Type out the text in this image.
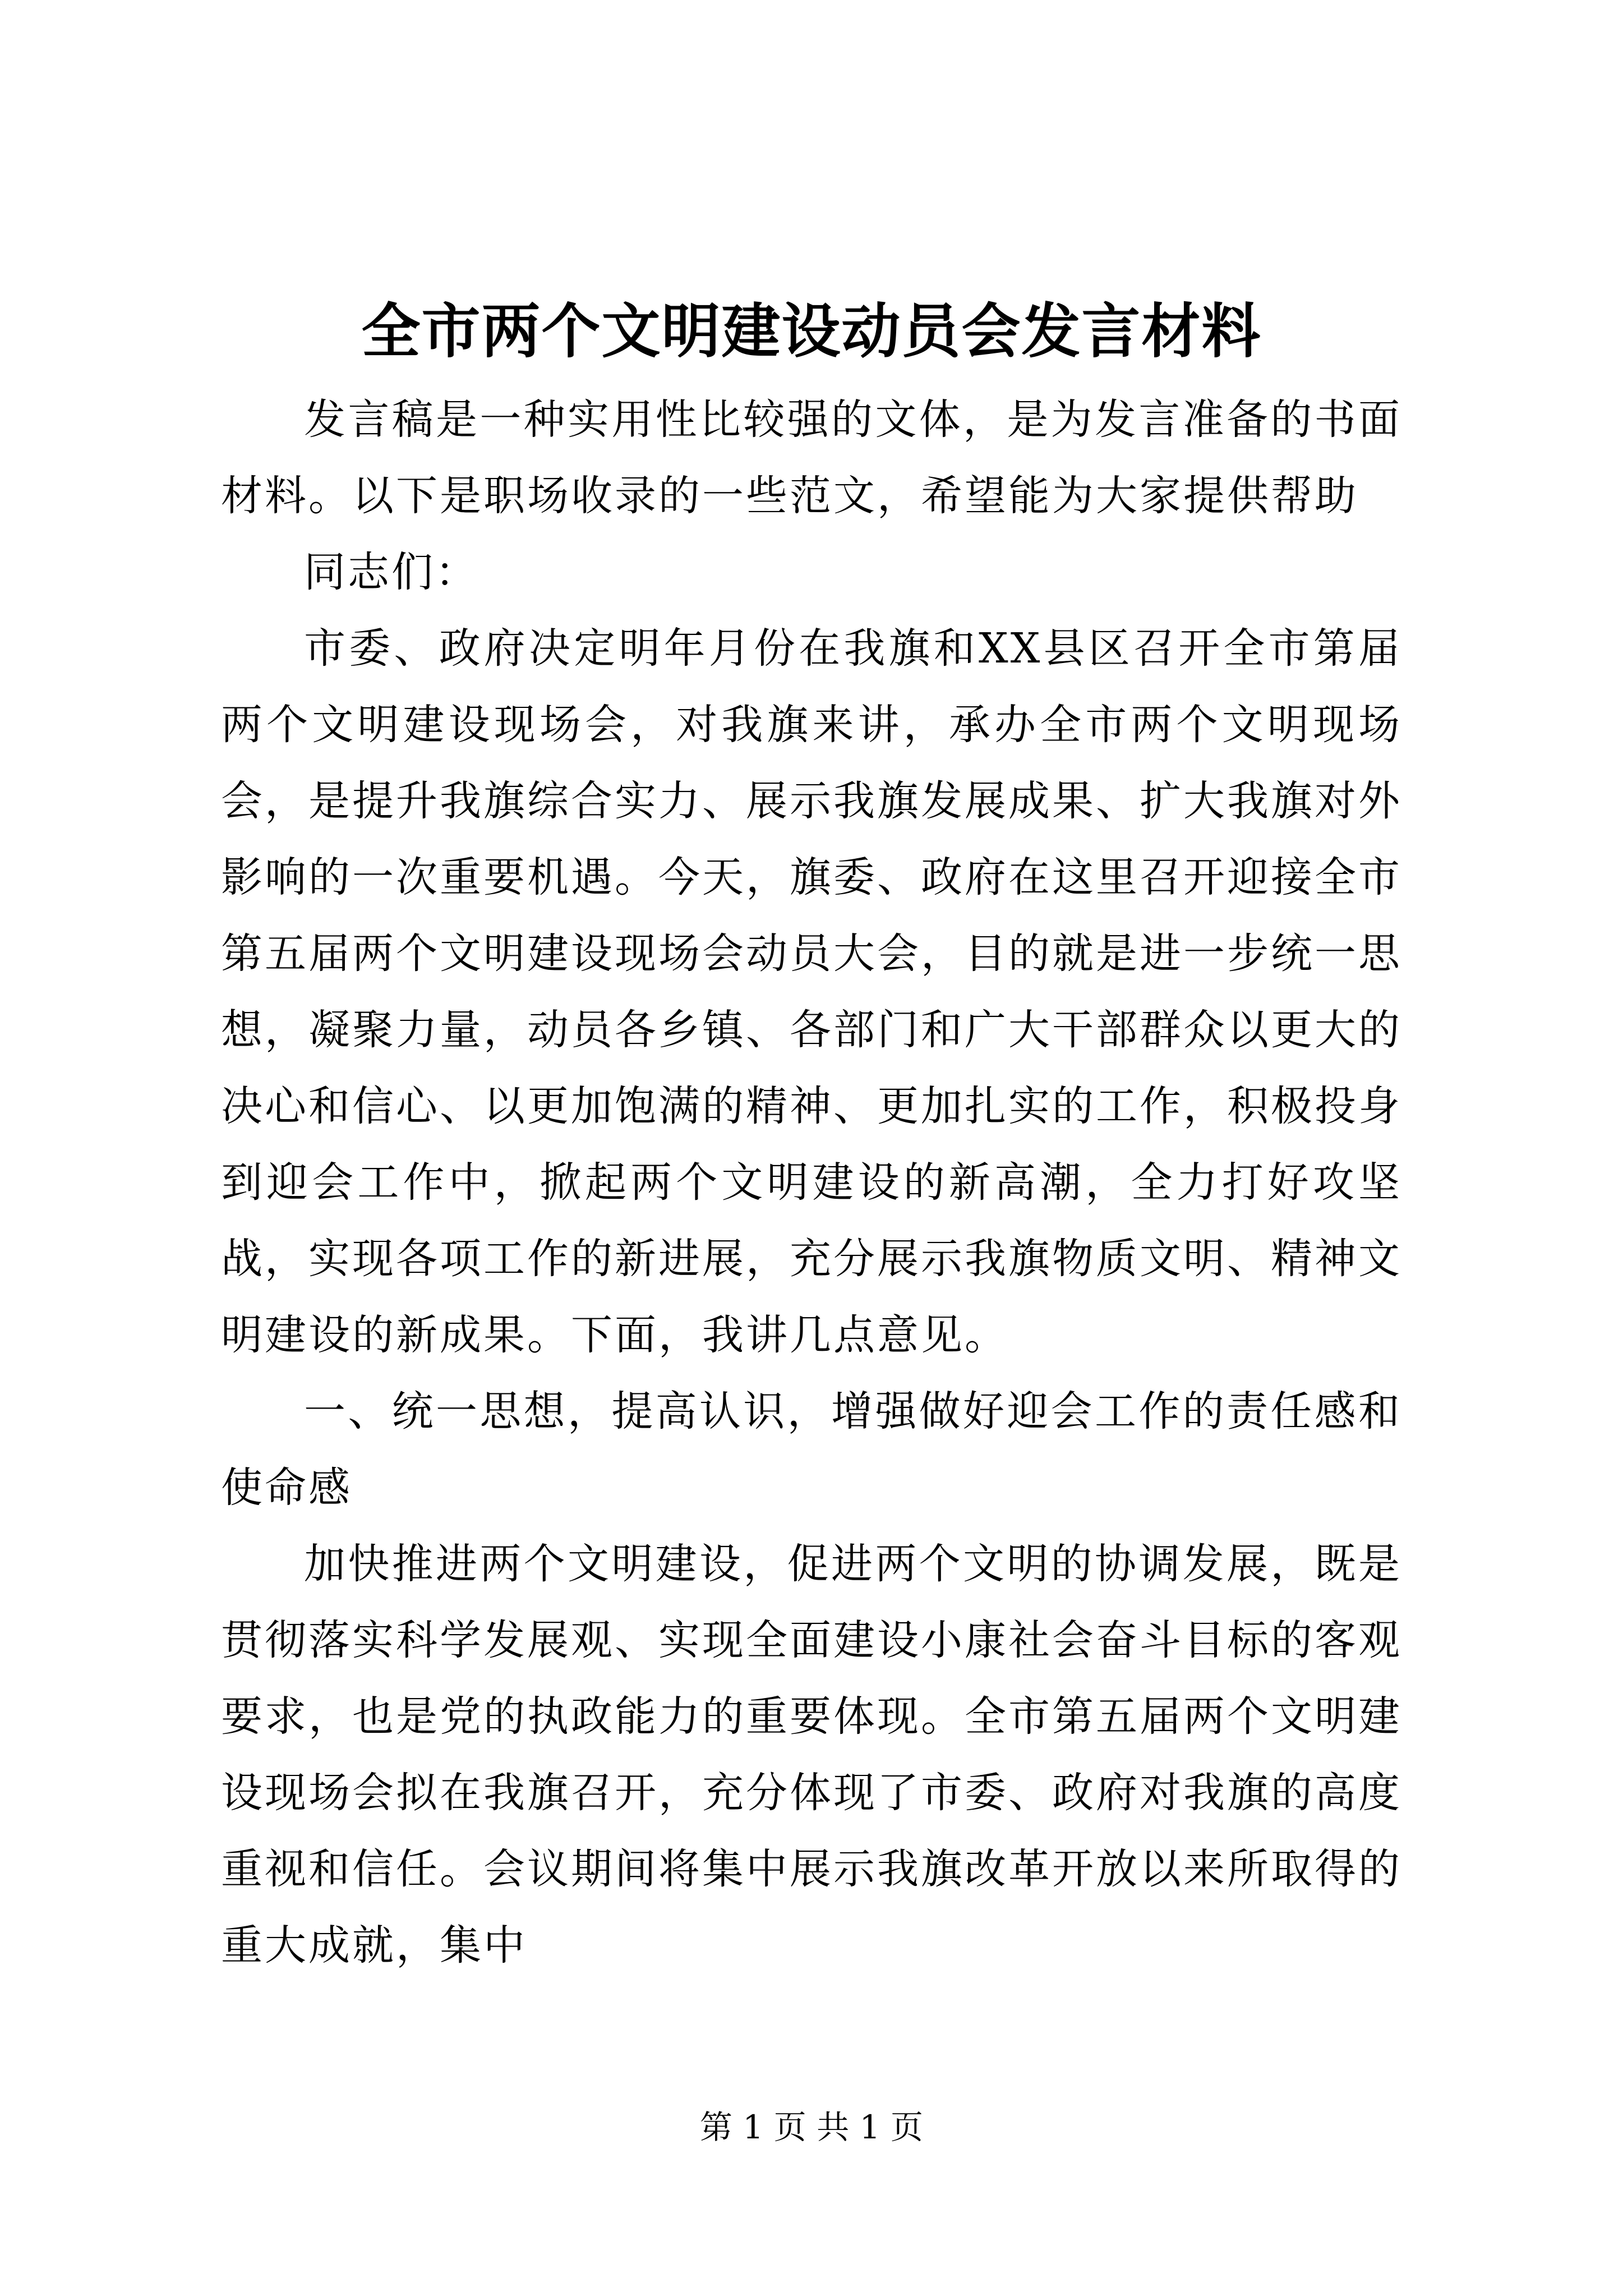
全市两个文明建设动员会发言材料

发言稿是一种实用性比较强的文体，是为发言准备的书面材料。以下是职场收录的一些范文，希望能为大家提供帮助

同志们：

市委、政府决定明年月份在我旗和XX县区召开全市第届两个文明建设现场会，对我旗来讲，承办全市两个文明现场会，是提升我旗综合实力、展示我旗发展成果、扩大我旗对外影响的一次重要机遇。今天，旗委、政府在这里召开迎接全市第五届两个文明建设现场会动员大会，目的就是进一步统一思想，凝聚力量，动员各乡镇、各部门和广大干部群众以更大的决心和信心、以更加饱满的精神、更加扎实的工作，积极投身到迎会工作中，掀起两个文明建设的新高潮，全力打好攻坚战，实现各项工作的新进展，充分展示我旗物质文明、精神文明建设的新成果。下面，我讲几点意见。

一、统一思想，提高认识，增强做好迎会工作的责任感和使命感

加快推进两个文明建设，促进两个文明的协调发展，既是贯彻落实科学发展观、实现全面建设小康社会奋斗目标的客观要求，也是党的执政能力的重要体现。全市第五届两个文明建设现场会拟在我旗召开，充分体现了市委、政府对我旗的高度重视和信任。会议期间将集中展示我旗改革开放以来所取得的重大成就，集中

第 1 页 共 1 页
